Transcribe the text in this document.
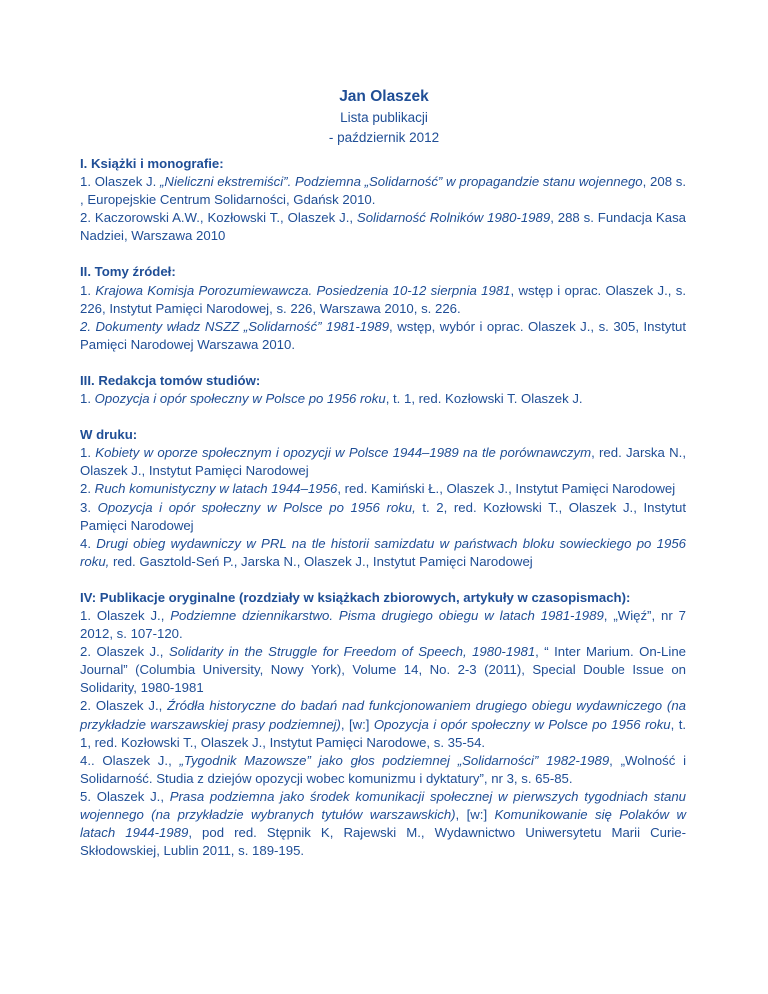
Jan Olaszek
Lista publikacji
- październik 2012
I. Książki i monografie:

1. Olaszek J. „Nieliczni ekstremiści”. Podziemna „Solidarność” w propagandzie stanu wojennego, 208 s. , Europejskie Centrum Solidarności, Gdańsk 2010.

2. Kaczorowski A.W., Kozłowski T., Olaszek J., Solidarność Rolników 1980-1989, 288 s. Fundacja Kasa Nadziei, Warszawa 2010

II. Tomy źródeł:

1. Krajowa Komisja Porozumiewawcza. Posiedzenia 10-12 sierpnia 1981, wstęp i oprac. Olaszek J., s. 226, Instytut Pamięci Narodowej, s. 226, Warszawa 2010, s. 226.

2. Dokumenty władz NSZZ „Solidarność” 1981-1989, wstęp, wybór i oprac. Olaszek J., s. 305, Instytut Pamięci Narodowej Warszawa 2010.

III. Redakcja tomów studiów:

1. Opozycja i opór społeczny w Polsce po 1956 roku, t. 1, red. Kozłowski T. Olaszek J.

W druku:

1. Kobiety w oporze społecznym i opozycji w Polsce 1944–1989 na tle porównawczym, red. Jarska N., Olaszek J., Instytut Pamięci Narodowej

2. Ruch komunistyczny w latach 1944–1956, red. Kamiński Ł., Olaszek J., Instytut Pamięci Narodowej

3. Opozycja i opór społeczny w Polsce po 1956 roku, t. 2, red. Kozłowski T., Olaszek J., Instytut Pamięci Narodowej

4. Drugi obieg wydawniczy w PRL na tle historii samizdatu w państwach bloku sowieckiego po 1956 roku, red. Gasztold-Seń P., Jarska N., Olaszek J., Instytut Pamięci Narodowej

IV: Publikacje oryginalne (rozdziały w książkach zbiorowych, artykuły w czasopismach):

1. Olaszek J., Podziemne dziennikarstwo. Pisma drugiego obiegu w latach 1981-1989, „Więź”, nr 7 2012, s. 107-120.

2. Olaszek J., Solidarity in the Struggle for Freedom of Speech, 1980-1981, “ Inter Marium. On-Line Journal” (Columbia University, Nowy York), Volume 14, No. 2-3 (2011), Special Double Issue on Solidarity, 1980-1981

2. Olaszek J., Źródła historyczne do badań nad funkcjonowaniem drugiego obiegu wydawniczego (na przykładzie warszawskiej prasy podziemnej), [w:] Opozycja i opór społeczny w Polsce po 1956 roku, t. 1, red. Kozłowski T., Olaszek J., Instytut Pamięci Narodowe, s. 35-54.

4.. Olaszek J., „Tygodnik Mazowsze” jako głos podziemnej „Solidarności” 1982-1989, „Wolność i Solidarność. Studia z dziejów opozycji wobec komunizmu i dyktatury”, nr 3, s. 65-85.

5. Olaszek J., Prasa podziemna jako środek komunikacji społecznej w pierwszych tygodniach stanu wojennego (na przykładzie wybranych tytułów warszawskich), [w:] Komunikowanie się Polaków w latach 1944-1989, pod red. Stępnik K, Rajewski M., Wydawnictwo Uniwersytetu Marii Curie-Skłodowskiej, Lublin 2011, s. 189-195.
